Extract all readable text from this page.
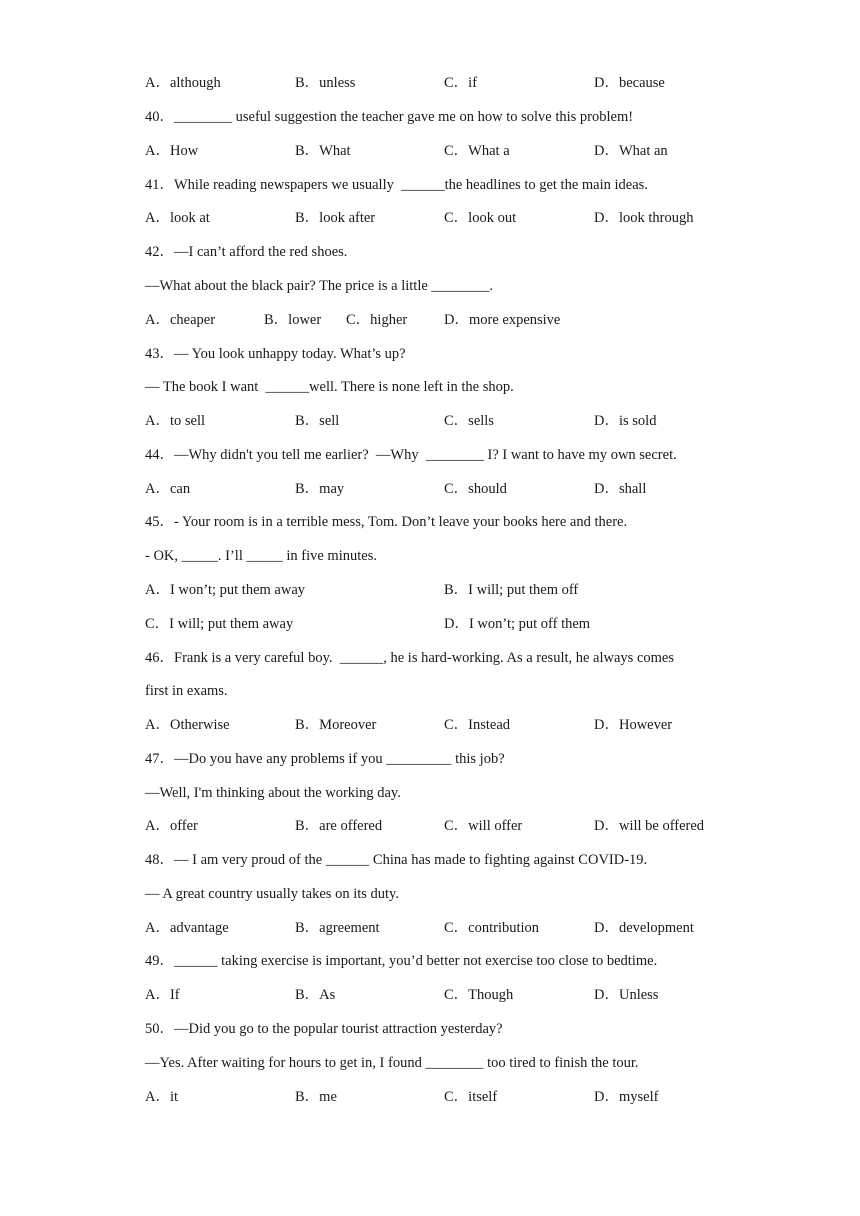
A．although	B．unless	C．if	D．because
40．________ useful suggestion the teacher gave me on how to solve this problem!
A．How	B．What	C．What a	D．What an
41．While reading newspapers we usually  ______the headlines to get the main ideas.
A．look at	B．look after	C．look out	D．look through
42．—I can’t afford the red shoes.
—What about the black pair? The price is a little ________.
A．cheaper	B．lower C．higher	D．more expensive
43．— You look unhappy today. What’s up?
— The book I want  ______well. There is none left in the shop.
A．to sell	B．sell	C．sells	D．is sold
44．—Why didn't you tell me earlier?  —Why  ________ I? I want to have my own secret.
A．can	B．may	C．should	D．shall
45．- Your room is in a terrible mess, Tom. Don’t leave your books here and there.
- OK, _____. I’ll _____ in five minutes.
A．I won’t; put them away	B．I will; put them off
C．I will; put them away	D．I won’t; put off them
46．Frank is a very careful boy.  ______, he is hard-working. As a result, he always comes
first in exams.
A．Otherwise	B．Moreover	C．Instead	D．However
47．—Do you have any problems if you _________ this job?
—Well, I'm thinking about the working day.
A．offer	B．are offered	C．will offer	D．will be offered
48．— I am very proud of the ______ China has made to fighting against COVID-19.
— A great country usually takes on its duty.
A．advantage	B．agreement	C．contribution	D．development
49．______ taking exercise is important, you’d better not exercise too close to bedtime.
A．If	B．As	C．Though	D．Unless
50．—Did you go to the popular tourist attraction yesterday?
—Yes. After waiting for hours to get in, I found ________ too tired to finish the tour.
A．it	B．me	C．itself	D．myself
